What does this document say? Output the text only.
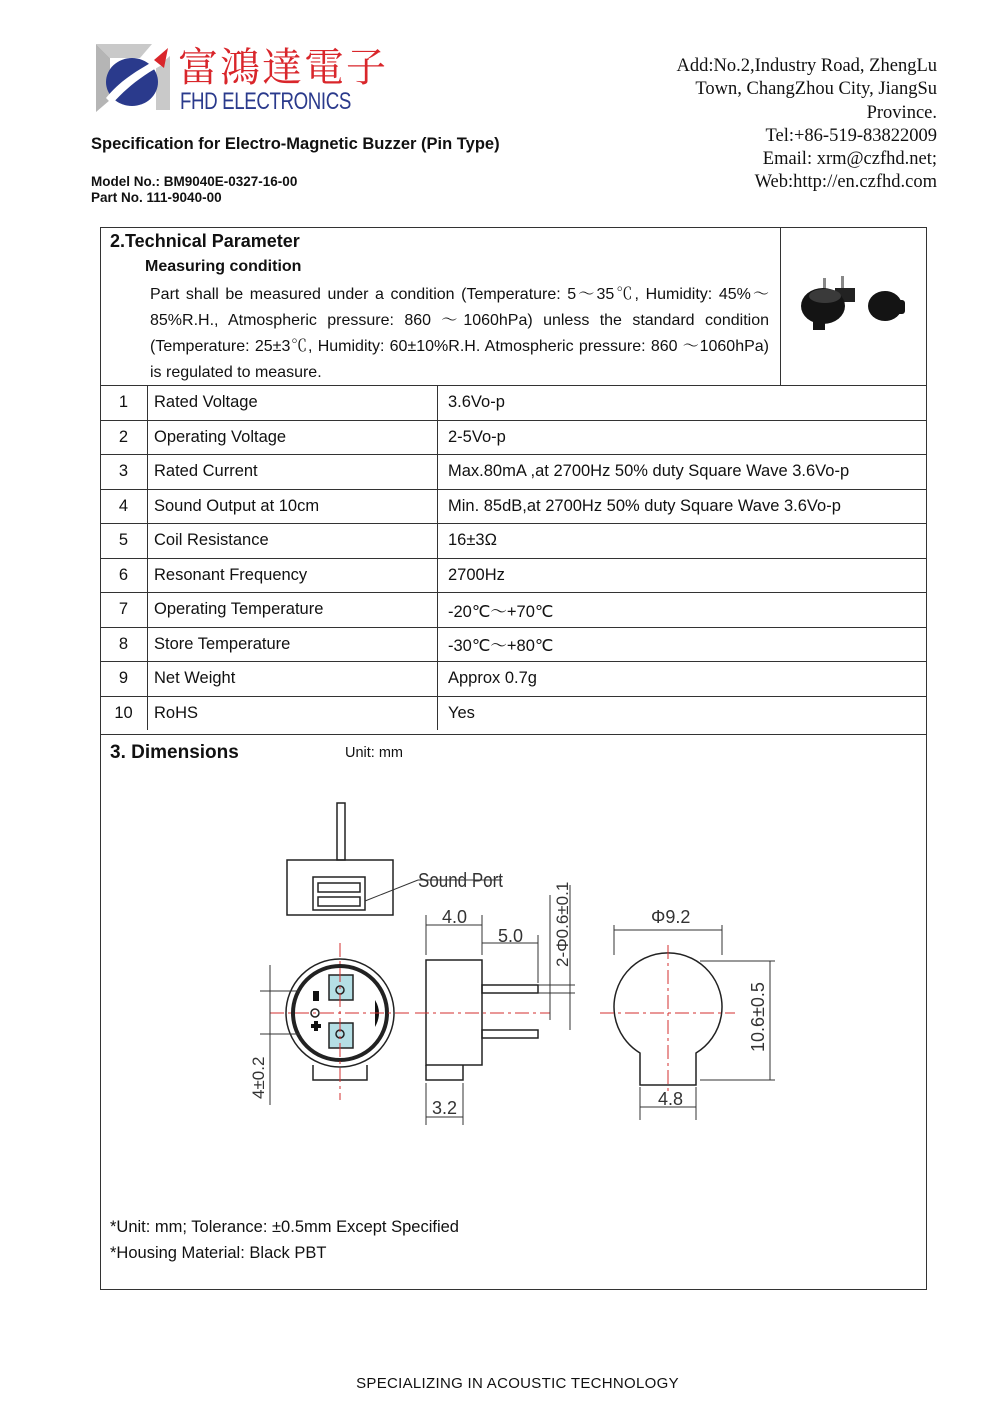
富鴻達電子
FHD ELECTRONICS
Add:No.2,Industry Road, ZhengLu
Town, ChangZhou City, JiangSu
Province.
Tel:+86-519-83822009
Email: xrm@czfhd.net;
Web:http://en.czfhd.com
Specification for Electro-Magnetic Buzzer (Pin Type)
Model No.: BM9040E-0327-16-00
Part No. 111-9040-00
2.Technical Parameter
Measuring condition
Part shall be measured under a condition (Temperature: 5～35℃, Humidity: 45%～85%R.H., Atmospheric pressure: 860 ～1060hPa) unless the standard condition (Temperature: 25±3℃, Humidity: 60±10%R.H. Atmospheric pressure: 860 ～1060hPa) is regulated to measure.
1	Rated Voltage	3.6Vo-p
2	Operating Voltage	2-5Vo-p
3	Rated Current	Max.80mA ,at 2700Hz 50% duty Square Wave 3.6Vo-p
4	Sound Output at 10cm	Min. 85dB,at 2700Hz 50% duty Square Wave 3.6Vo-p
5	Coil Resistance	16±3Ω
6	Resonant Frequency	2700Hz
7	Operating Temperature	-20℃～+70℃
8	Store Temperature	-30℃～+80℃
9	Net Weight	Approx 0.7g
10	RoHS	Yes
3. Dimensions	Unit: mm
Sound Port
4.0
5.0 2-Φ0.6±0.1	Φ9.2
10.6±0.5
4.8
3.2
4±0.2
*Unit: mm; Tolerance: ±0.5mm Except Specified
*Housing Material: Black PBT
SPECIALIZING IN ACOUSTIC TECHNOLOGY
